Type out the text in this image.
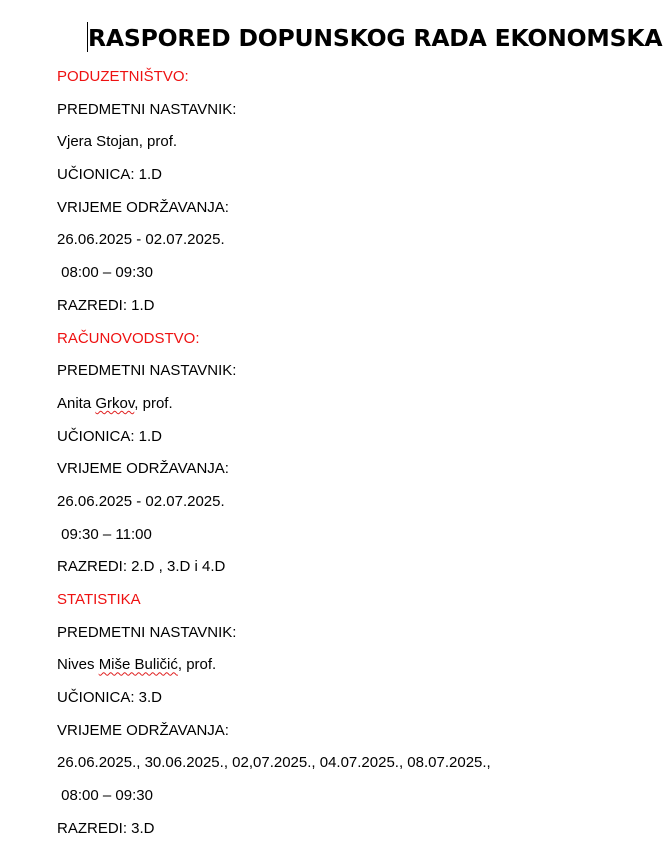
RASPORED DOPUNSKOG RADA EKONOMSKA
PODUZETNIŠTVO:
PREDMETNI NASTAVNIK:
Vjera Stojan, prof.
UČIONICA: 1.D
VRIJEME ODRŽAVANJA:
26.06.2025 - 02.07.2025.
08:00 – 09:30
RAZREDI: 1.D
RAČUNOVODSTVO:
PREDMETNI NASTAVNIK:
Anita Grkov, prof.
UČIONICA: 1.D
VRIJEME ODRŽAVANJA:
26.06.2025 - 02.07.2025.
09:30 – 11:00
RAZREDI: 2.D , 3.D i 4.D
STATISTIKA
PREDMETNI NASTAVNIK:
Nives Miše Buličić, prof.
UČIONICA: 3.D
VRIJEME ODRŽAVANJA:
26.06.2025., 30.06.2025., 02,07.2025., 04.07.2025., 08.07.2025.,
08:00 – 09:30
RAZREDI: 3.D
